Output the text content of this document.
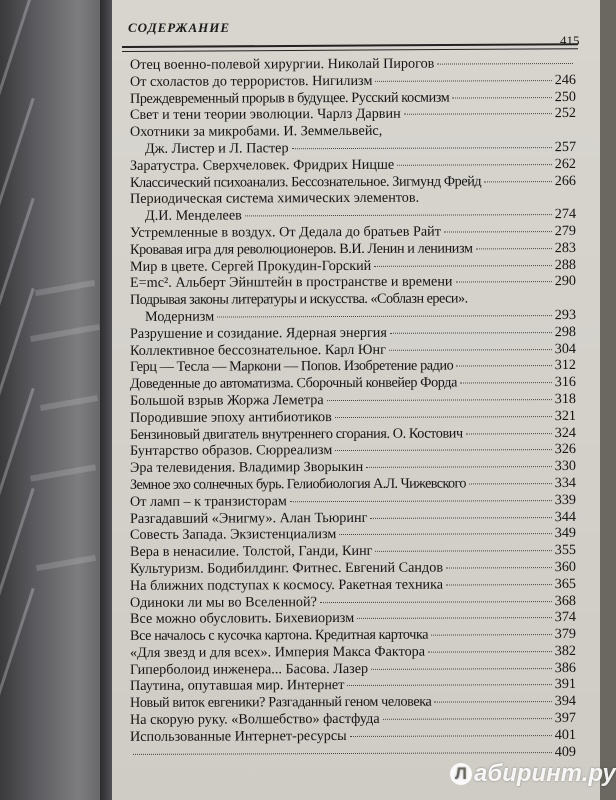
СОДЕРЖАНИЕ
415
Отец военно-полевой хирургии. Николай Пирогов
От схоластов до террористов. Нигилизм	246
Преждевременный прорыв в будущее. Русский космизм	250
Свет и тени теории эволюции. Чарлз Дарвин	252
Охотники за микробами. И. Земмельвейс,
Дж. Листер и Л. Пастер	257
Заратустра. Сверхчеловек. Фридрих Ницше	262
Классический психоанализ. Бессознательное. Зигмунд Фрейд	266
Периодическая система химических элементов.
Д.И. Менделеев	274
Устремленные в воздух. От Дедала до братьев Райт	279
Кровавая игра для революционеров. В.И. Ленин и ленинизм	283
Мир в цвете. Сергей Прокудин-Горский	288
E=mc². Альберт Эйнштейн в пространстве и времени	290
Подрывая законы литературы и искусства. «Соблазн ереси».
Модернизм	293
Разрушение и созидание. Ядерная энергия	298
Коллективное бессознательное. Карл Юнг	304
Герц — Тесла — Маркони — Попов. Изобретение радио	312
Доведенные до автоматизма. Сборочный конвейер Форда	316
Большой взрыв Жоржа Леметра	318
Породившие эпоху антибиотиков	321
Бензиновый двигатель внутреннего сгорания. О. Костович	324
Бунтарство образов. Сюрреализм	326
Эра телевидения. Владимир Зворыкин	330
Земное эхо солнечных бурь. Гелиобиология А.Л. Чижевского	334
От ламп – к транзисторам	339
Разгадавший «Энигму». Алан Тьюринг	344
Совесть Запада. Экзистенциализм	349
Вера в ненасилие. Толстой, Ганди, Кинг	355
Культуризм. Бодибилдинг. Фитнес. Евгений Сандов	360
На ближних подступах к космосу. Ракетная техника	365
Одиноки ли мы во Вселенной?	368
Все можно обусловить. Бихевиоризм	374
Все началось с кусочка картона. Кредитная карточка	379
«Для звезд и для всех». Империя Макса Фактора	382
Гиперболоид инженера... Басова. Лазер	386
Паутина, опутавшая мир. Интернет	391
Новый виток евгеники? Разгаданный геном человека	394
На скорую руку. «Волшебство» фастфуда	397
Использованные Интернет-ресурсы	401
409
Л абиринт.ру
